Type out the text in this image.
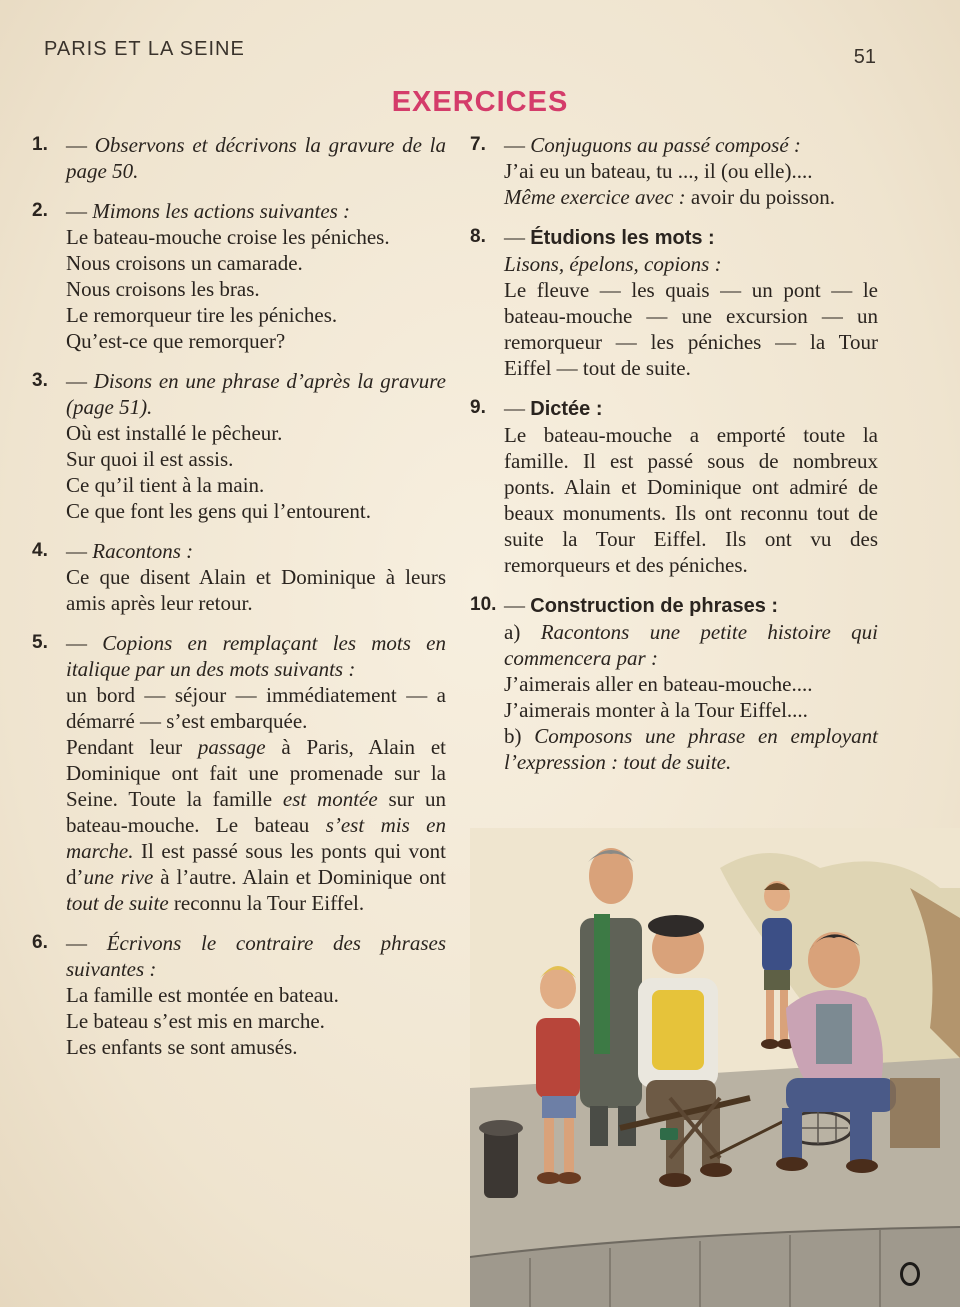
PARIS ET LA SEINE	51
EXERCICES
1. — Observons et décrivons la gravure de la page 50.
2. — Mimons les actions suivantes :
Le bateau-mouche croise les péniches.
Nous croisons un camarade.
Nous croisons les bras.
Le remorqueur tire les péniches.
Qu’est-ce que remorquer?
3. — Disons en une phrase d’après la gravure (page 51).
Où est installé le pêcheur.
Sur quoi il est assis.
Ce qu’il tient à la main.
Ce que font les gens qui l’entourent.
4. — Racontons :
Ce que disent Alain et Dominique à leurs amis après leur retour.
5. — Copions en remplaçant les mots en italique par un des mots suivants :
un bord — séjour — immédiatement — a démarré — s’est embarquée.
Pendant leur passage à Paris, Alain et Dominique ont fait une promenade sur la Seine. Toute la famille est montée sur un bateau-mouche. Le bateau s’est mis en marche. Il est passé sous les ponts qui vont d’une rive à l’autre. Alain et Dominique ont tout de suite reconnu la Tour Eiffel.
6. — Écrivons le contraire des phrases suivantes :
La famille est montée en bateau.
Le bateau s’est mis en marche.
Les enfants se sont amusés.
7. — Conjuguons au passé composé :
J’ai eu un bateau, tu ..., il (ou elle)....
Même exercice avec : avoir du poisson.
8. — Étudions les mots :
Lisons, épelons, copions :
Le fleuve — les quais — un pont — le bateau-mouche — une excursion — un remorqueur — les péniches — la Tour Eiffel — tout de suite.
9. — Dictée :
Le bateau-mouche a emporté toute la famille. Il est passé sous de nombreux ponts. Alain et Dominique ont admiré de beaux monuments. Ils ont reconnu tout de suite la Tour Eiffel. Ils ont vu des remorqueurs et des péniches.
10. — Construction de phrases :
a) Racontons une petite histoire qui commencera par :
J’aimerais aller en bateau-mouche....
J’aimerais monter à la Tour Eiffel....
b) Composons une phrase en employant l’expression : tout de suite.
